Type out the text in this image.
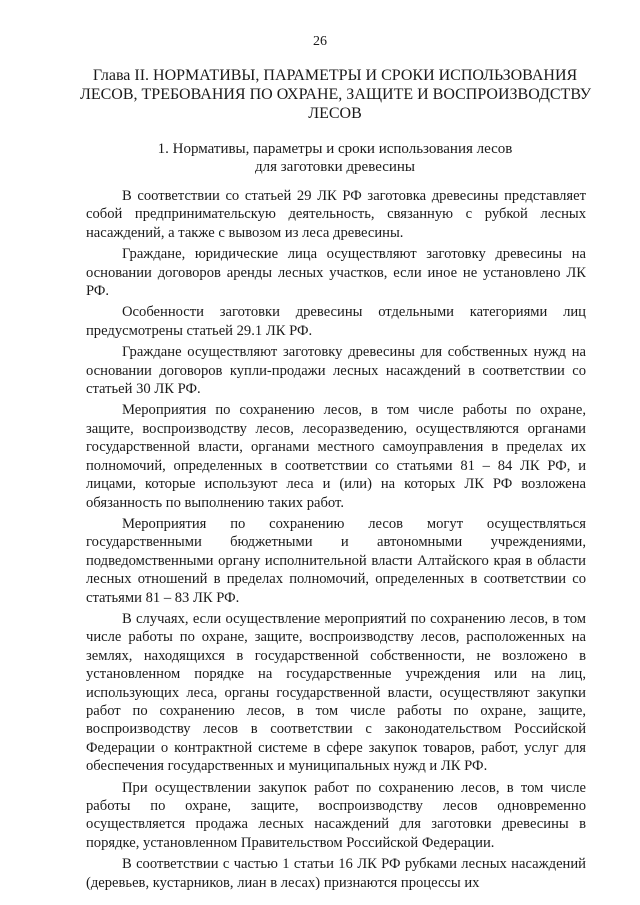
26
Глава II. НОРМАТИВЫ, ПАРАМЕТРЫ И СРОКИ ИСПОЛЬЗОВАНИЯ
ЛЕСОВ, ТРЕБОВАНИЯ ПО ОХРАНЕ, ЗАЩИТЕ И ВОСПРОИЗВОДСТВУ
ЛЕСОВ
1. Нормативы, параметры и сроки использования лесов
для заготовки древесины

В соответствии со статьей 29 ЛК РФ заготовка древесины представляет собой предпринимательскую деятельность, связанную с рубкой лесных насаждений, а также с вывозом из леса древесины.

Граждане, юридические лица осуществляют заготовку древесины на основании договоров аренды лесных участков, если иное не установлено ЛК РФ.

Особенности заготовки древесины отдельными категориями лиц предусмотрены статьей 29.1 ЛК РФ.

Граждане осуществляют заготовку древесины для собственных нужд на основании договоров купли-продажи лесных насаждений в соответствии со статьей 30 ЛК РФ.

Мероприятия по сохранению лесов, в том числе работы по охране, защите, воспроизводству лесов, лесоразведению, осуществляются органами государственной власти, органами местного самоуправления в пределах их полномочий, определенных в соответствии со статьями 81 – 84 ЛК РФ, и лицами, которые используют леса и (или) на которых ЛК РФ возложена обязанность по выполнению таких работ.

Мероприятия по сохранению лесов могут осуществляться государственными бюджетными и автономными учреждениями, подведомственными органу исполнительной власти Алтайского края в области лесных отношений в пределах полномочий, определенных в соответствии со статьями 81 – 83 ЛК РФ.

В случаях, если осуществление мероприятий по сохранению лесов, в том числе работы по охране, защите, воспроизводству лесов, расположенных на землях, находящихся в государственной собственности, не возложено в установленном порядке на государственные учреждения или на лиц, использующих леса, органы государственной власти, осуществляют закупки работ по сохранению лесов, в том числе работы по охране, защите, воспроизводству лесов в соответствии с законодательством Российской Федерации о контрактной системе в сфере закупок товаров, работ, услуг для обеспечения государственных и муниципальных нужд и ЛК РФ.

При осуществлении закупок работ по сохранению лесов, в том числе работы по охране, защите, воспроизводству лесов одновременно осуществляется продажа лесных насаждений для заготовки древесины в порядке, установленном Правительством Российской Федерации.

В соответствии с частью 1 статьи 16 ЛК РФ рубками лесных насаждений (деревьев, кустарников, лиан в лесах) признаются процессы их
